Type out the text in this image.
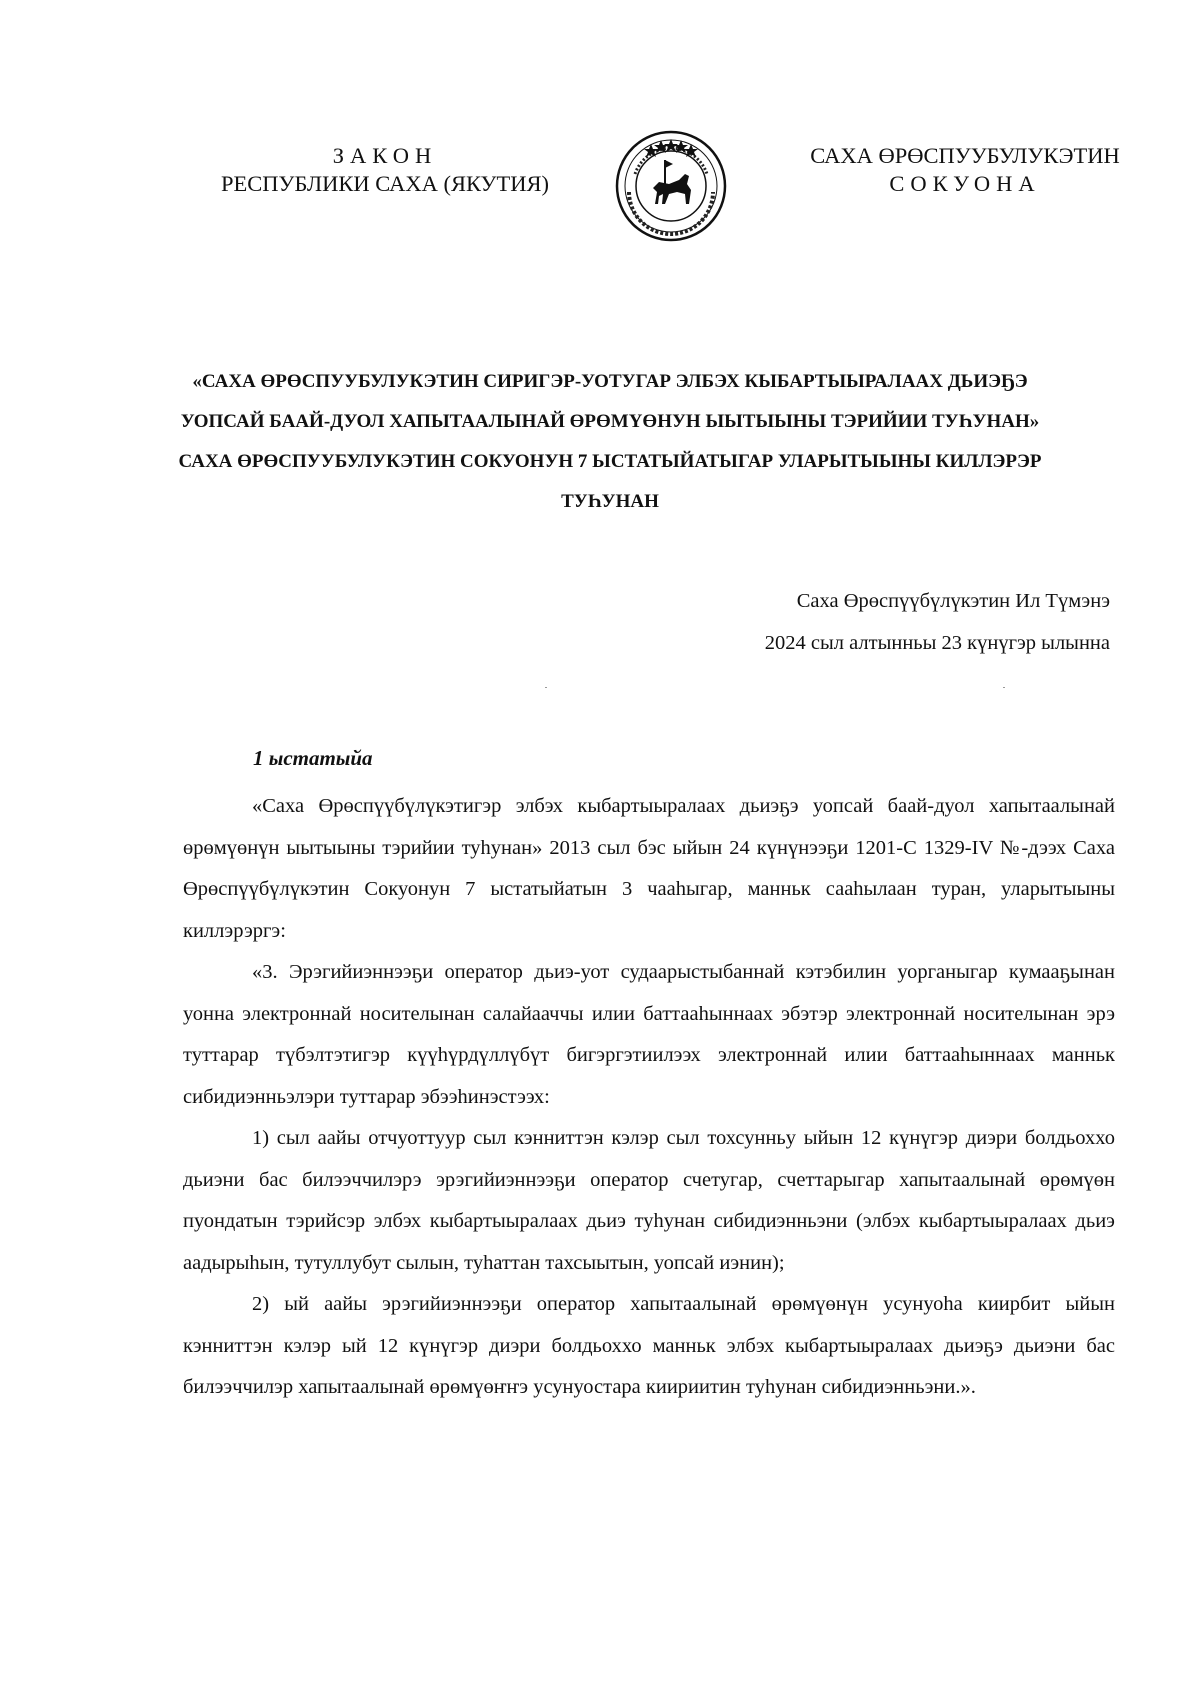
ЗАКОН
РЕСПУБЛИКИ САХА (ЯКУТИЯ)
САХА ӨРӨСПУУБУЛУКЭТИН
СОКУОНА
«САХА ӨРӨСПУУБУЛУКЭТИН СИРИГЭР-УОТУГАР ЭЛБЭХ КЫБАРТЫЫРАЛААХ ДЬИЭҔЭ
УОПСАЙ БААЙ-ДУОЛ ХАПЫТААЛЫНАЙ ӨРӨМҮӨНУН ЫЫТЫЫНЫ ТЭРИЙИИ ТУҺУНАН»
САХА ӨРӨСПУУБУЛУКЭТИН СОКУОНУН 7 ЫСТАТЫЙАТЫГАР УЛАРЫТЫЫНЫ КИЛЛЭРЭР
ТУҺУНАН
Саха Өрөспүүбүлүкэтин Ил Түмэнэ
2024 сыл алтынньы 23 күнүгэр ылынна
1 ыстатыйа

«Саха Өрөспүүбүлүкэтигэр элбэх кыбартыыралаах дьиэҕэ уопсай баай-дуол хапытаалынай өрөмүөнүн ыытыыны тэрийии туһунан» 2013 сыл бэс ыйын 24 күнүнээҕи 1201-С 1329-IV №-дээх Саха Өрөспүүбүлүкэтин Сокуонун 7 ыстатыйатын 3 чааһыгар, манньк сааһылаан туран, уларытыыны киллэрэргэ:

«3. Эрэгийиэннээҕи оператор дьиэ-уот судаарыстыбаннай кэтэбилин уорганыгар кумааҕынан уонна электроннай носителынан салайааччы илии баттааһыннаах эбэтэр электроннай носителынан эрэ туттарар түбэлтэтигэр күүһүрдүллүбүт бигэргэтиилээх электроннай илии баттааһыннаах манньк сибидиэнньэлэри туттарар эбээһинэстээх:

1) сыл аайы отчуоттуур сыл кэнниттэн кэлэр сыл тохсунньу ыйын 12 күнүгэр диэри болдьоххо дьиэни бас билээччилэрэ эрэгийиэннээҕи оператор счетугар, счеттарыгар хапытаалынай өрөмүөн пуондатын тэрийсэр элбэх кыбартыыралаах дьиэ туһунан сибидиэнньэни (элбэх кыбартыыралаах дьиэ аадырыһын, тутуллубут сылын, туһаттан тахсыытын, уопсай иэнин);

2) ый аайы эрэгийиэннээҕи оператор хапытаалынай өрөмүөнүн усунуоһа киирбит ыйын кэнниттэн кэлэр ый 12 күнүгэр диэри болдьоххо манньк элбэх кыбартыыралаах дьиэҕэ дьиэни бас билээччилэр хапытаалынай өрөмүөҥҥэ усунуостара киириитин туһунан сибидиэнньэни.».
